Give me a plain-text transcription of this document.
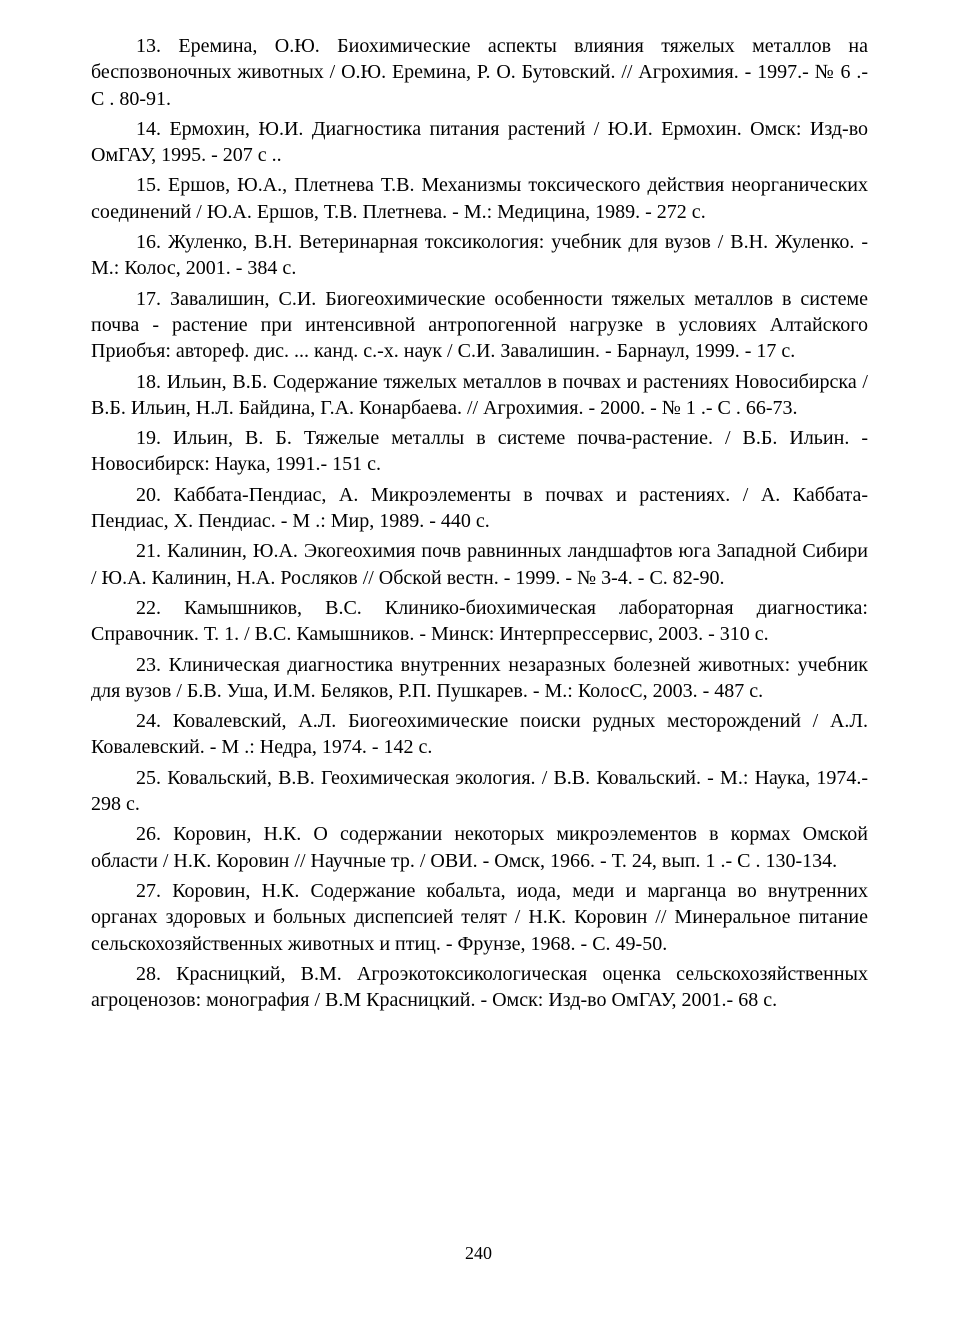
13. Еремина, О.Ю. Биохимические аспекты влияния тяжелых металлов на беспозвоночных животных / О.Ю. Еремина, Р. О. Бутовский. // Агрохимия. - 1997.- № 6 .- С . 80-91.

14. Ермохин, Ю.И. Диагностика питания растений / Ю.И. Ермохин. Омск: Изд-во ОмГАУ, 1995. - 207 с ..

15. Ершов, Ю.А., Плетнева Т.В. Механизмы токсического действия неорганических соединений / Ю.А. Ершов, Т.В. Плетнева. - М.: Медицина, 1989. - 272 с.

16. Жуленко, В.Н. Ветеринарная токсикология: учебник для вузов / В.Н. Жуленко. - М.: Колос, 2001. - 384 с.

17. Завалишин, С.И. Биогеохимические особенности тяжелых металлов в системе почва - растение при интенсивной антропогенной нагрузке в условиях Алтайского Приобъя: автореф. дис. ... канд. с.-х. наук / С.И. Завалишин. - Барнаул, 1999. - 17 с.

18. Ильин, В.Б. Содержание тяжелых металлов в почвах и растениях Новосибирска / В.Б. Ильин, Н.Л. Байдина, Г.А. Конарбаева. // Агрохимия. - 2000. - № 1 .- С . 66-73.

19. Ильин, В. Б. Тяжелые металлы в системе почва-растение. / В.Б. Ильин. - Новосибирск: Наука, 1991.- 151 с.

20. Каббата-Пендиас, А. Микроэлементы в почвах и растениях. / А. Каббата-Пендиас, Х. Пендиас. - М .: Мир, 1989. - 440 с.

21. Калинин, Ю.А. Экогеохимия почв равнинных ландшафтов юга Западной Сибири / Ю.А. Калинин, Н.А. Росляков // Обской вестн. - 1999. - № 3-4. - С. 82-90.

22. Камышников, В.С. Клинико-биохимическая лабораторная диагностика: Справочник. Т. 1. / В.С. Камышников. - Минск: Интерпрессервис, 2003. - 310 с.

23. Клиническая диагностика внутренних незаразных болезней животных: учебник для вузов / Б.В. Уша, И.М. Беляков, Р.П. Пушкарев. - М.: КолосС, 2003. - 487 с.

24. Ковалевский, А.Л. Биогеохимические поиски рудных месторождений / А.Л. Ковалевский. - М .: Недра, 1974. - 142 с.

25. Ковальский, В.В. Геохимическая экология. / В.В. Ковальский. - М.: Наука, 1974.- 298 с.

26. Коровин, Н.К. О содержании некоторых микроэлементов в кормах Омской области / Н.К. Коровин // Научные тр. / ОВИ. - Омск, 1966. - Т. 24, вып. 1 .- С . 130-134.

27. Коровин, Н.К. Содержание кобальта, иода, меди и марганца во внутренних органах здоровых и больных диспепсией телят / Н.К. Коровин // Минеральное питание сельскохозяйственных животных и птиц. - Фрунзе, 1968. - С. 49-50.

28. Красницкий, В.М. Агроэкотоксикологическая оценка сельскохозяйственных агроценозов: монография / В.М Красницкий. - Омск: Изд-во ОмГАУ, 2001.- 68 с.

240
